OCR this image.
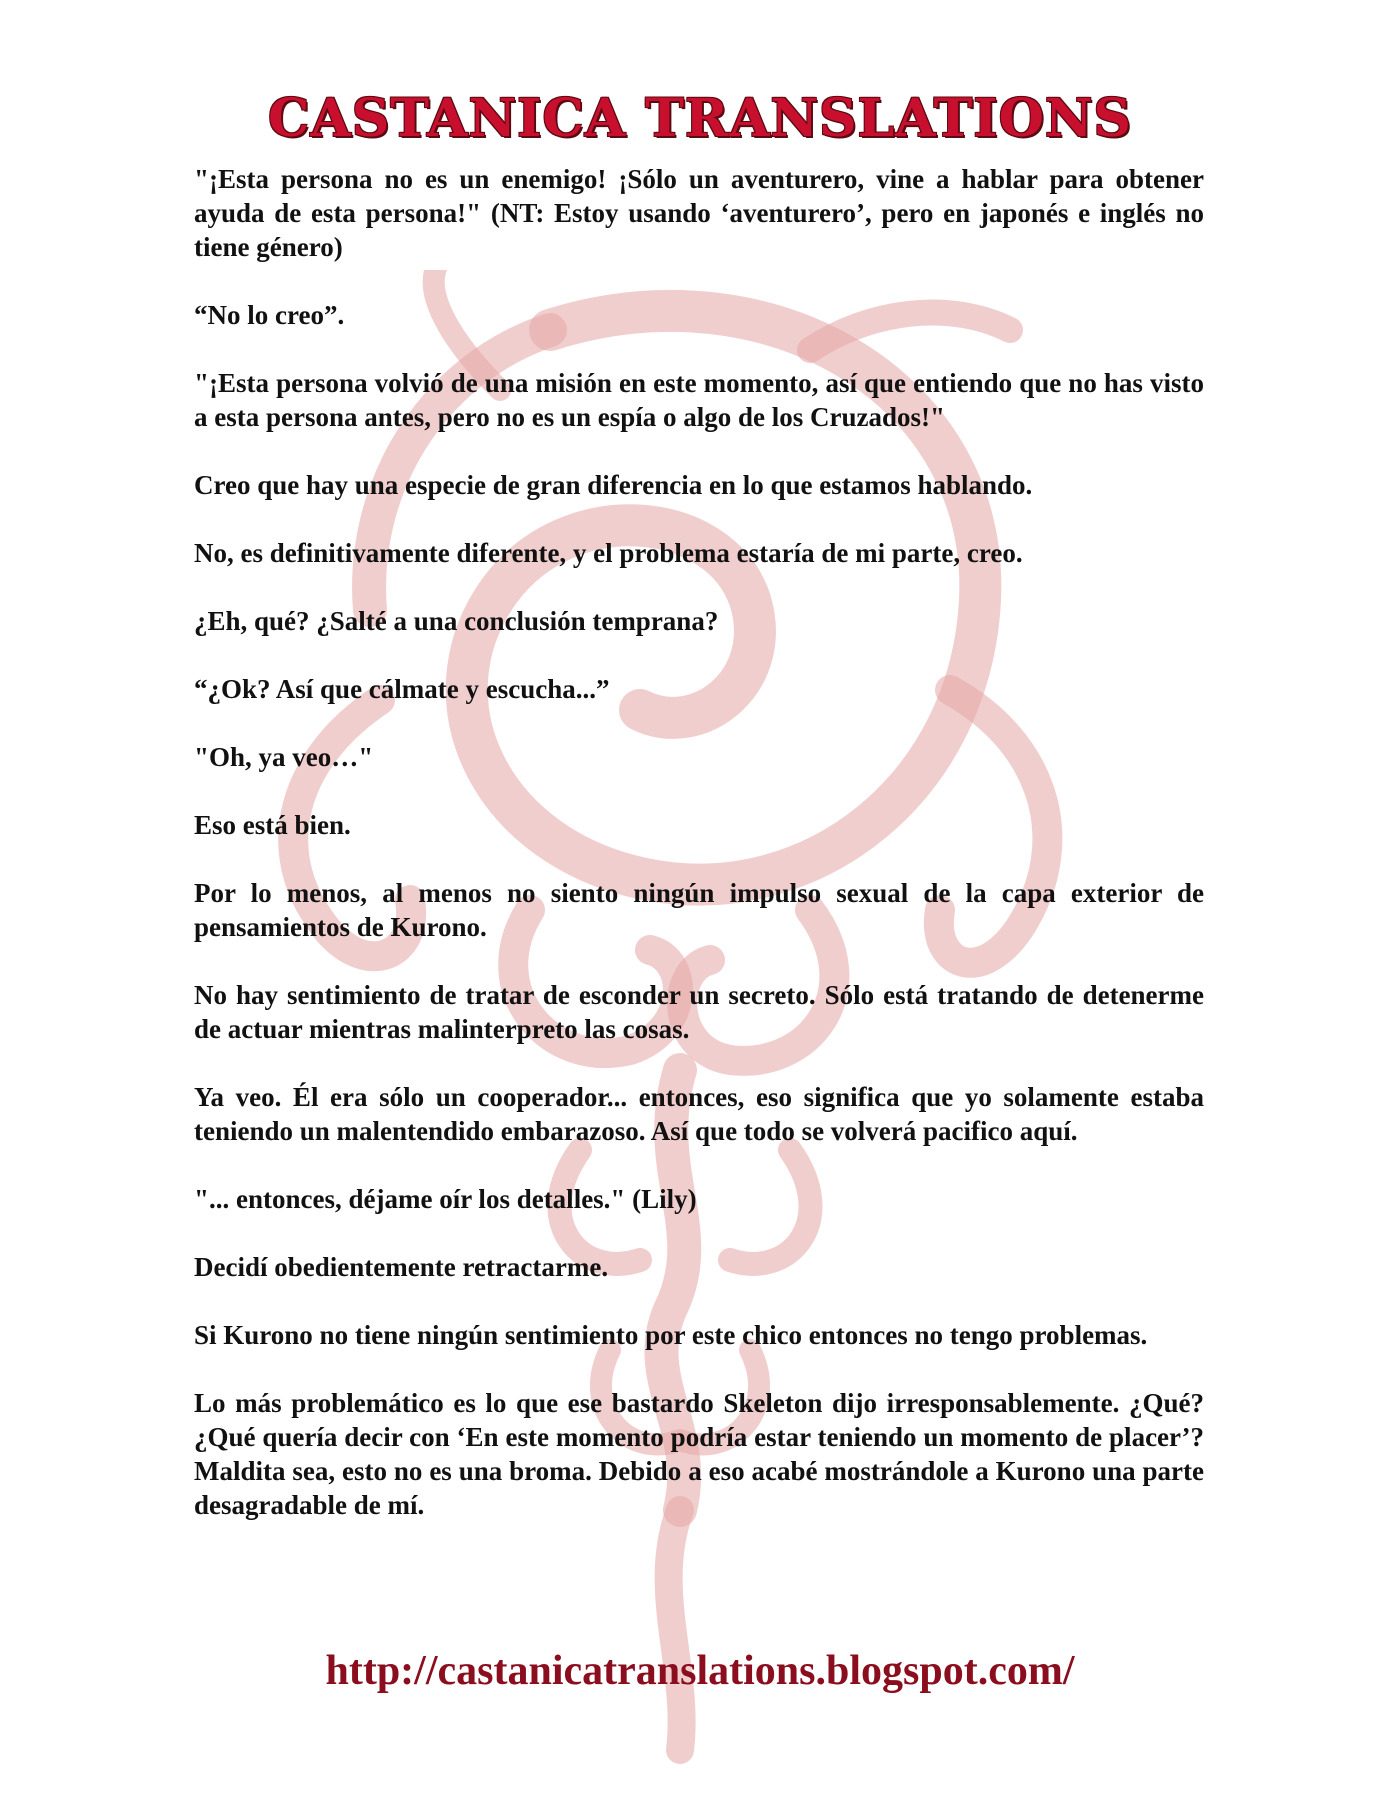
CASTANICA TRANSLATIONS

"¡Esta persona no es un enemigo! ¡Sólo un aventurero, vine a hablar para obtener ayuda de esta persona!" (NT: Estoy usando ‘aventurero’, pero en japonés e inglés no tiene género)

“No lo creo”.

"¡Esta persona volvió de una misión en este momento, así que entiendo que no has visto a esta persona antes, pero no es un espía o algo de los Cruzados!"

Creo que hay una especie de gran diferencia en lo que estamos hablando.

No, es definitivamente diferente, y el problema estaría de mi parte, creo.

¿Eh, qué? ¿Salté a una conclusión temprana?

“¿Ok? Así que cálmate y escucha...”

"Oh, ya veo…"

Eso está bien.

Por lo menos, al menos no siento ningún impulso sexual de la capa exterior de pensamientos de Kurono.

No hay sentimiento de tratar de esconder un secreto. Sólo está tratando de detenerme de actuar mientras malinterpreto las cosas.

Ya veo. Él era sólo un cooperador... entonces, eso significa que yo solamente estaba teniendo un malentendido embarazoso. Así que todo se volverá pacifico aquí.

"... entonces, déjame oír los detalles." (Lily)

Decidí obedientemente retractarme.

Si Kurono no tiene ningún sentimiento por este chico entonces no tengo problemas.

Lo más problemático es lo que ese bastardo Skeleton dijo irresponsablemente. ¿Qué? ¿Qué quería decir con ‘En este momento podría estar teniendo un momento de placer’? Maldita sea, esto no es una broma. Debido a eso acabé mostrándole a Kurono una parte desagradable de mí.

http://castanicatranslations.blogspot.com/
